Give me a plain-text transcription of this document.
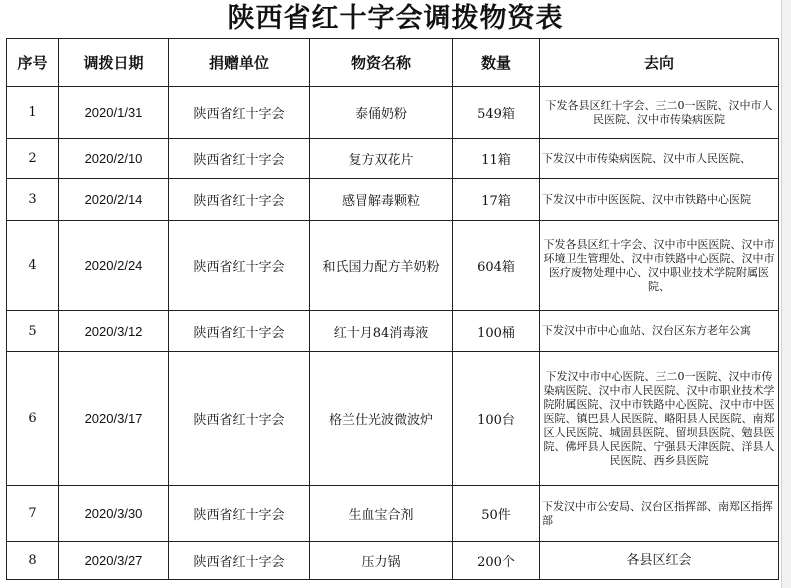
陕西省红十字会调拨物资表
序号	调拨日期	捐赠单位	物资名称	数量	去向
1	2020/1/31	陕西省红十字会	泰俑奶粉	549箱	下发各县区红十字会、三二0一医院、汉中市人民医院、汉中市传染病医院
2	2020/2/10	陕西省红十字会	复方双花片	11箱	下发汉中市传染病医院、汉中市人民医院、
3	2020/2/14	陕西省红十字会	感冒解毒颗粒	17箱	下发汉中市中医医院、汉中市铁路中心医院
4	2020/2/24	陕西省红十字会	和氏国力配方羊奶粉	604箱	下发各县区红十字会、汉中市中医医院、汉中市环境卫生管理处、汉中市铁路中心医院、汉中市医疗废物处理中心、汉中职业技术学院附属医院、
5	2020/3/12	陕西省红十字会	红十月84消毒液	100桶	下发汉中市中心血站、汉台区东方老年公寓
6	2020/3/17	陕西省红十字会	格兰仕光波微波炉	100台	下发汉中市中心医院、三二0一医院、汉中市传染病医院、汉中市人民医院、汉中市职业技术学院附属医院、汉中市铁路中心医院、汉中市中医医院、镇巴县人民医院、略阳县人民医院、南郑区人民医院、城固县医院、留坝县医院、勉县医院、佛坪县人民医院、宁强县天津医院、洋县人民医院、西乡县医院
7	2020/3/30	陕西省红十字会	生血宝合剂	50件	下发汉中市公安局、汉台区指挥部、南郑区指挥部
8	2020/3/27	陕西省红十字会	压力锅	200个	各县区红会
